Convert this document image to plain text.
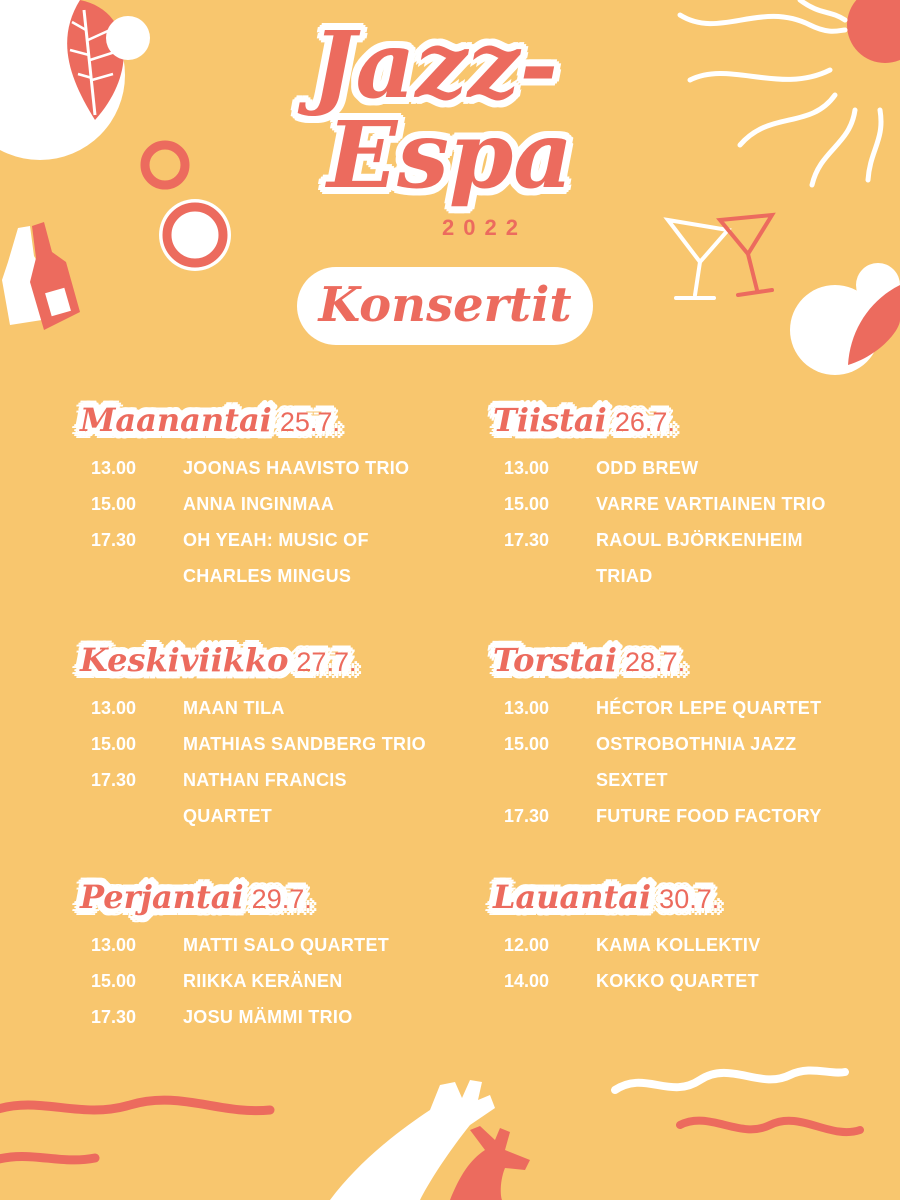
Jazz-
Espa
2022
Konsertit
Maanantai 25.7.
13.00	JOONAS HAAVISTO TRIO
15.00	ANNA INGINMAA
17.30	OH YEAH: MUSIC OF
CHARLES MINGUS
Tiistai 26.7.
13.00	ODD BREW
15.00	VARRE VARTIAINEN TRIO
17.30	RAOUL BJÖRKENHEIM
TRIAD
Keskiviikko 27.7.
13.00	MAAN TILA
15.00	MATHIAS SANDBERG TRIO
17.30	NATHAN FRANCIS
QUARTET
Torstai 28.7.
13.00	HÉCTOR LEPE QUARTET
15.00	OSTROBOTHNIA JAZZ
SEXTET
17.30	FUTURE FOOD FACTORY
Perjantai 29.7.
13.00	MATTI SALO QUARTET
15.00	RIIKKA KERÄNEN
17.30	JOSU MÄMMI TRIO
Lauantai 30.7.
12.00	KAMA KOLLEKTIV
14.00	KOKKO QUARTET
